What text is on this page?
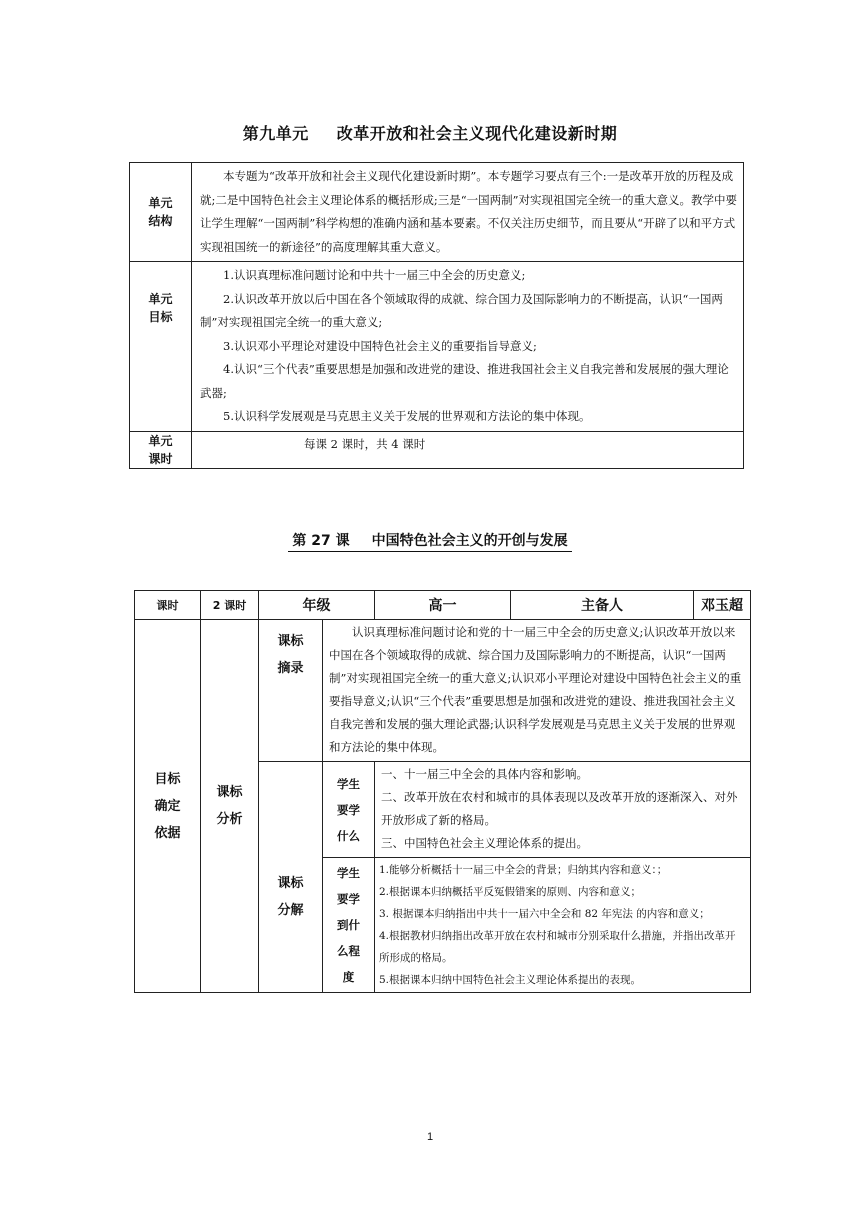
第九单元 改革开放和社会主义现代化建设新时期
单元结构	本专题为“改革开放和社会主义现代化建设新时期”。本专题学习要点有三个:一是改革开放的历程及成就;二是中国特色社会主义理论体系的概括形成;三是“一国两制”对实现祖国完全统一的重大意义。教学中要让学生理解“一国两制”科学构想的准确内涵和基本要素。不仅关注历史细节，而且要从“开辟了以和平方式实现祖国统一的新途径”的高度理解其重大意义。

单元目标	1.认识真理标准问题讨论和中共十一届三中全会的历史意义;

2.认识改革开放以后中国在各个领域取得的成就、综合国力及国际影响力的不断提高，认识“一国两制”对实现祖国完全统一的重大意义;

3.认识邓小平理论对建设中国特色社会主义的重要指旨导意义;

4.认识“三个代表”重要思想是加强和改进党的建设、推进我国社会主义自我完善和发展展的强大理论武器;

5.认识科学发展观是马克思主义关于发展的世界观和方法论的集中体现。

单元课时	每课 2 课时，共 4 课时
第 27 课 中国特色社会主义的开创与发展
课时	2 课时	年级		高一	主备人	邓玉超
目标确定依据	课标分析	课标摘录	认识真理标准问题讨论和党的十一届三中全会的历史意义;认识改革开放以来中国在各个领域取得的成就、综合国力及国际影响力的不断提高，认识“一国两制”对实现祖国完全统一的重大意义;认识邓小平理论对建设中国特色社会主义的重要指导意义;认识“三个代表”重要思想是加强和改进党的建设、推进我国社会主义自我完善和发展的强大理论武器;认识科学发展观是马克思主义关于发展的世界观和方法论的集中体现。			

		课标分解	学生要学什么	一、十一届三中全会的具体内容和影响。

二、改革开放在农村和城市的具体表现以及改革开放的逐渐深入、对外开放形成了新的格局。

三、中国特色社会主义理论体系的提出。		

			学生要学到什么程度	1.能够分析概括十一届三中全会的背景；归纳其内容和意义：；

2.根据课本归纳概括平反冤假错案的原则、内容和意义；

3. 根据课本归纳指出中共十一届六中全会和 82 年宪法 的内容和意义；

4.根据教材归纳指出改革开放在农村和城市分别采取什么措施，并指出改革开所形成的格局。

5.根据课本归纳中国特色社会主义理论体系提出的表现。		

1
